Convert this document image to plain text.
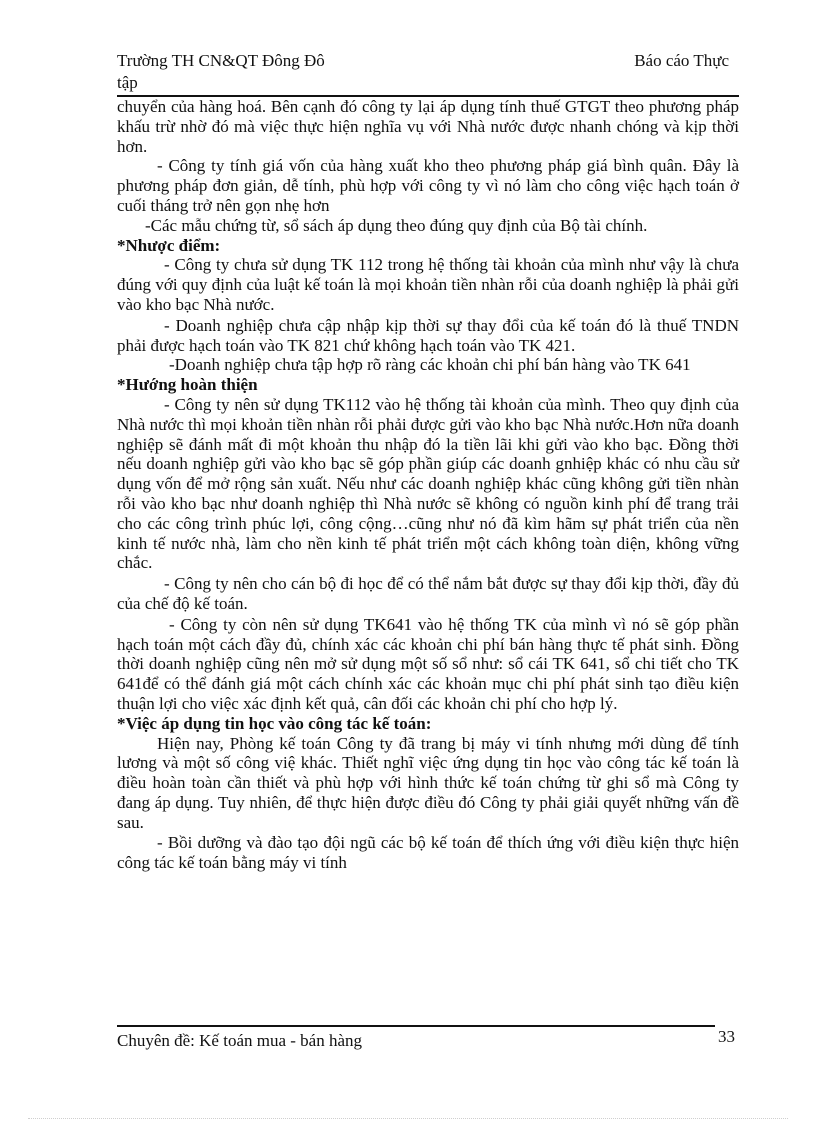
Trường TH CN&QT Đông Đô	Báo cáo Thực
tập

chuyển của hàng hoá. Bên cạnh đó công ty lại áp dụng tính thuế GTGT theo phương pháp khấu trừ nhờ đó mà việc thực hiện nghĩa vụ với Nhà nước được nhanh chóng và kịp thời hơn.

- Công ty tính giá vốn của hàng xuất kho theo phương pháp giá bình quân. Đây là phương pháp đơn giản, dễ tính, phù hợp với công ty vì nó làm cho công việc hạch toán ở cuối tháng trở nên gọn nhẹ hơn

-Các mẫu chứng từ, sổ sách áp dụng theo đúng quy định của Bộ tài chính.

*Nhược điểm:

- Công ty chưa sử dụng TK 112 trong hệ thống tài khoản của mình như vậy là chưa đúng với quy định của luật kế toán là mọi khoản tiền nhàn rỗi của doanh nghiệp là phải gửi vào kho bạc Nhà nước.

- Doanh nghiệp chưa cập nhập kịp thời sự thay đổi của kế toán đó là thuế TNDN phải được hạch toán vào TK 821 chứ không hạch toán vào TK 421.

-Doanh nghiệp chưa tập hợp rõ ràng các khoản chi phí bán hàng vào TK 641

*Hướng hoàn thiện

- Công ty nên sử dụng TK112 vào hệ thống tài khoản của mình. Theo quy định của Nhà nước thì mọi khoản tiền nhàn rỗi phải được gửi vào kho bạc Nhà nước.Hơn nữa doanh nghiệp sẽ đánh mất đi một khoản thu nhập đó la tiền lãi khi gửi vào kho bạc. Đồng thời nếu doanh nghiệp gửi vào kho bạc sẽ góp phần giúp các doanh gnhiệp khác có nhu cầu sử dụng vốn để mở rộng sản xuất. Nếu như các doanh nghiệp khác cũng không gửi tiền nhàn rỗi vào kho bạc như doanh nghiệp thì Nhà nước sẽ không có nguồn kinh phí để trang trải cho các công trình phúc lợi, công cộng…cũng như nó đã kìm hãm sự phát triển của nền kinh tế nước nhà, làm cho nền kinh tế phát triển một cách không toàn diện, không vững chắc.

- Công ty nên cho cán bộ đi học để có thể nắm bắt được sự thay đổi kịp thời, đầy đủ của chế độ kế toán.

- Công ty còn nên sử dụng TK641 vào hệ thống TK của mình vì nó sẽ góp phần hạch toán một cách đầy đủ, chính xác các khoản chi phí bán hàng thực tế phát sinh. Đồng thời doanh nghiệp cũng nên mở sử dụng một số sổ như: sổ cái TK 641, sổ chi tiết cho TK 641để có thể đánh giá một cách chính xác các khoản mục chi phí phát sinh tạo điều kiện thuận lợi cho việc xác định kết quả, cân đối các khoản chi phí cho hợp lý.

*Việc áp dụng tin học vào công tác kế toán:

Hiện nay, Phòng kế toán Công ty đã trang bị máy vi tính nhưng mới dùng để tính lương và một số công việ khác. Thiết nghĩ việc ứng dụng tin học vào công tác kế toán là điều hoàn toàn cần thiết và phù hợp với hình thức kế toán chứng từ ghi sổ mà Công ty đang áp dụng. Tuy nhiên, để thực hiện được điều đó Công ty phải giải quyết những vấn đề sau.

- Bồi dưỡng và đào tạo đội ngũ các bộ kế toán để thích ứng với điều kiện thực hiện công tác kế toán bằng máy vi tính

Chuyên đề: Kế toán mua - bán hàng	33
